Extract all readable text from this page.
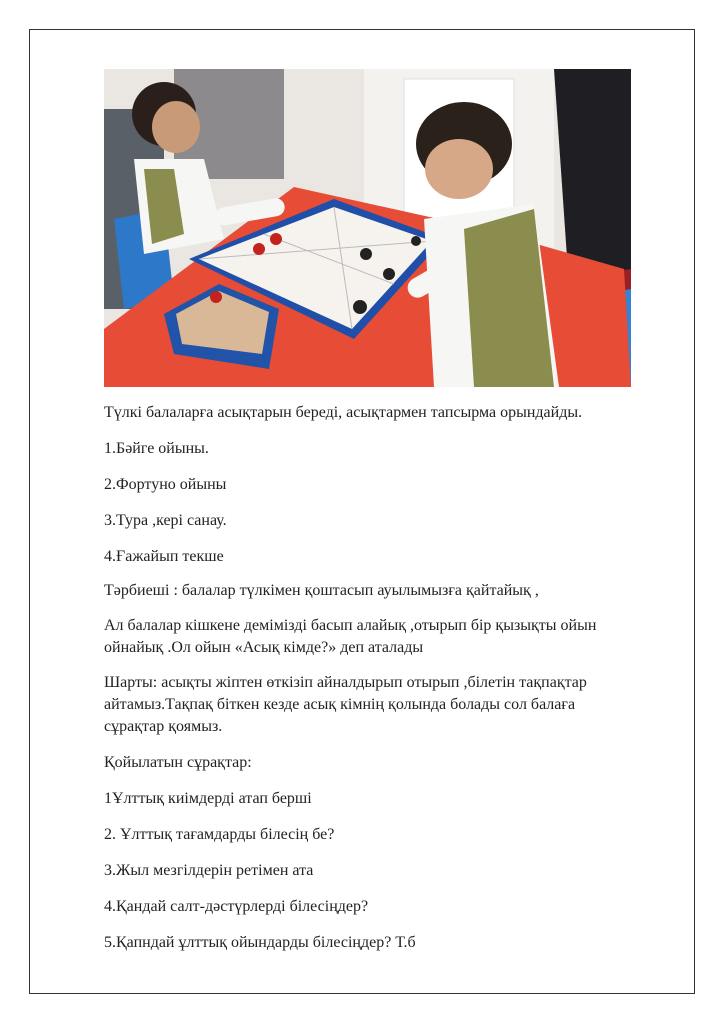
Түлкі балаларға асықтарын береді, асықтармен тапсырма орындайды.

1.Бәйге ойыны.

2.Фортуно ойыны

3.Тура ,кері санау.

4.Ғажайып текше

Тәрбиеші : балалар түлкімен қоштасып ауылымызға қайтайық ,

Ал балалар кішкене демімізді басып алайық ,отырып бір қызықты ойын ойнайық .Ол ойын «Асық кімде?» деп аталады

Шарты: асықты жіптен өткізіп айналдырып отырып ,білетін тақпақтар айтамыз.Тақпақ біткен кезде асық кімнің қолында болады сол балаға сұрақтар қоямыз.

Қойылатын сұрақтар:

1Ұлттық киімдерді атап берші

2. Ұлттық тағамдарды білесің бе?

3.Жыл мезгілдерін ретімен ата

4.Қандай салт-дәстүрлерді білесіңдер?

5.Қапндай ұлттық ойындарды білесіңдер? Т.б
